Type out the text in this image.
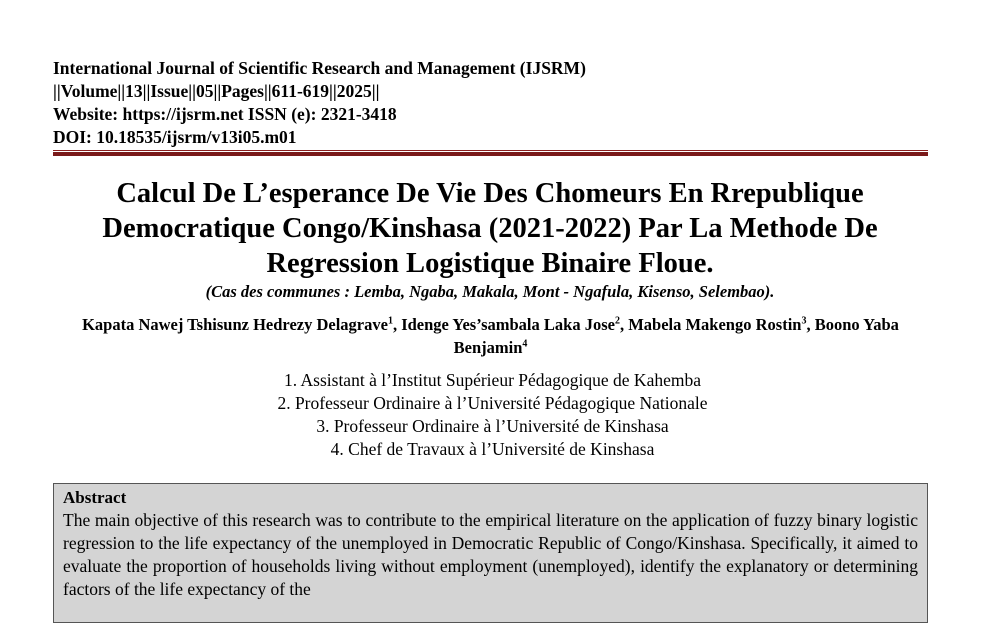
International Journal of Scientific Research and Management (IJSRM)
||Volume||13||Issue||05||Pages||611-619||2025||
Website: https://ijsrm.net ISSN (e): 2321-3418
DOI: 10.18535/ijsrm/v13i05.m01
Calcul De L’esperance De Vie Des Chomeurs En Rrepublique
Democratique Congo/Kinshasa (2021-2022) Par La Methode De
Regression Logistique Binaire Floue.
(Cas des communes : Lemba, Ngaba, Makala, Mont - Ngafula, Kisenso, Selembao).
Kapata Nawej Tshisunz Hedrezy Delagrave$^1$, Idenge Yes’sambala Laka Jose$^2$, Mabela Makengo Rostin$^3$, Boono Yaba Benjamin$^4$
1. Assistant à l’Institut Supérieur Pédagogique de Kahemba
2. Professeur Ordinaire à l’Université Pédagogique Nationale
3. Professeur Ordinaire à l’Université de Kinshasa
4. Chef de Travaux à l’Université de Kinshasa
Abstract
The main objective of this research was to contribute to the empirical literature on the application of fuzzy binary logistic regression to the life expectancy of the unemployed in Democratic Republic of Congo/Kinshasa. Specifically, it aimed to evaluate the proportion of households living without employment (unemployed), identify the explanatory or determining factors of the life expectancy of the
